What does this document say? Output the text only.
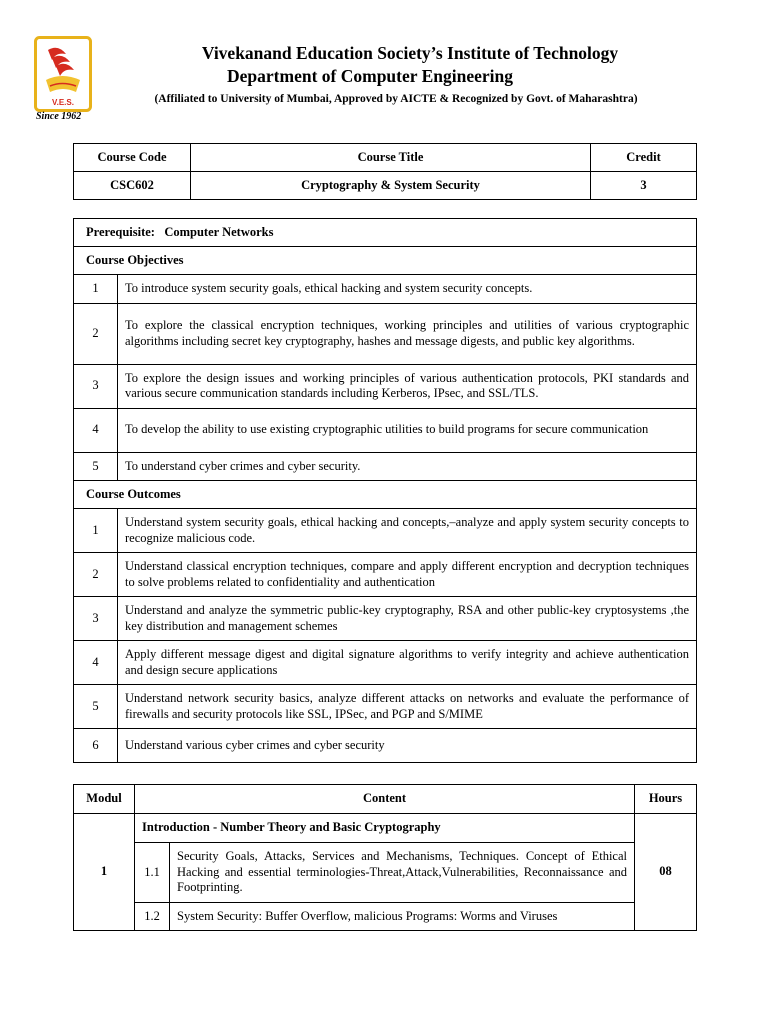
V.E.S.
Since 1962
Vivekanand Education Society’s Institute of Technology
Department of Computer Engineering
(Affiliated to University of Mumbai, Approved by AICTE & Recognized by Govt. of Maharashtra)
Course Code	Course Title	Credit
CSC602	Cryptography & System Security	3
Prerequisite: Computer Networks	
Course Objectives	
1	To introduce system security goals, ethical hacking and system security concepts.
2	To explore the classical encryption techniques, working principles and utilities of various cryptographic algorithms including secret key cryptography, hashes and message digests, and public key algorithms.
3	To explore the design issues and working principles of various authentication protocols, PKI standards and various secure communication standards including Kerberos, IPsec, and SSL/TLS.
4	To develop the ability to use existing cryptographic utilities to build programs for secure communication
5	To understand cyber crimes and cyber security.
Course Outcomes	
1	Understand system security goals, ethical hacking and concepts,–analyze and apply system security concepts to recognize malicious code.
2	Understand classical encryption techniques, compare and apply different encryption and decryption techniques to solve problems related to confidentiality and authentication
3	Understand and analyze the symmetric public-key cryptography, RSA and other public-key cryptosystems ,the key distribution and management schemes
4	Apply different message digest and digital signature algorithms to verify integrity and achieve authentication and design secure applications
5	Understand network security basics, analyze different attacks on networks and evaluate the performance of firewalls and security protocols like SSL, IPSec, and PGP and S/MIME
6	Understand various cyber crimes and cyber security
Modul	Content		Hours
1	Introduction - Number Theory and Basic Cryptography		08
	1.1	Security Goals, Attacks, Services and Mechanisms, Techniques. Concept of Ethical Hacking and essential terminologies-Threat,Attack,Vulnerabilities, Reconnaissance and Footprinting.	
	1.2	System Security: Buffer Overflow, malicious Programs: Worms and Viruses	
